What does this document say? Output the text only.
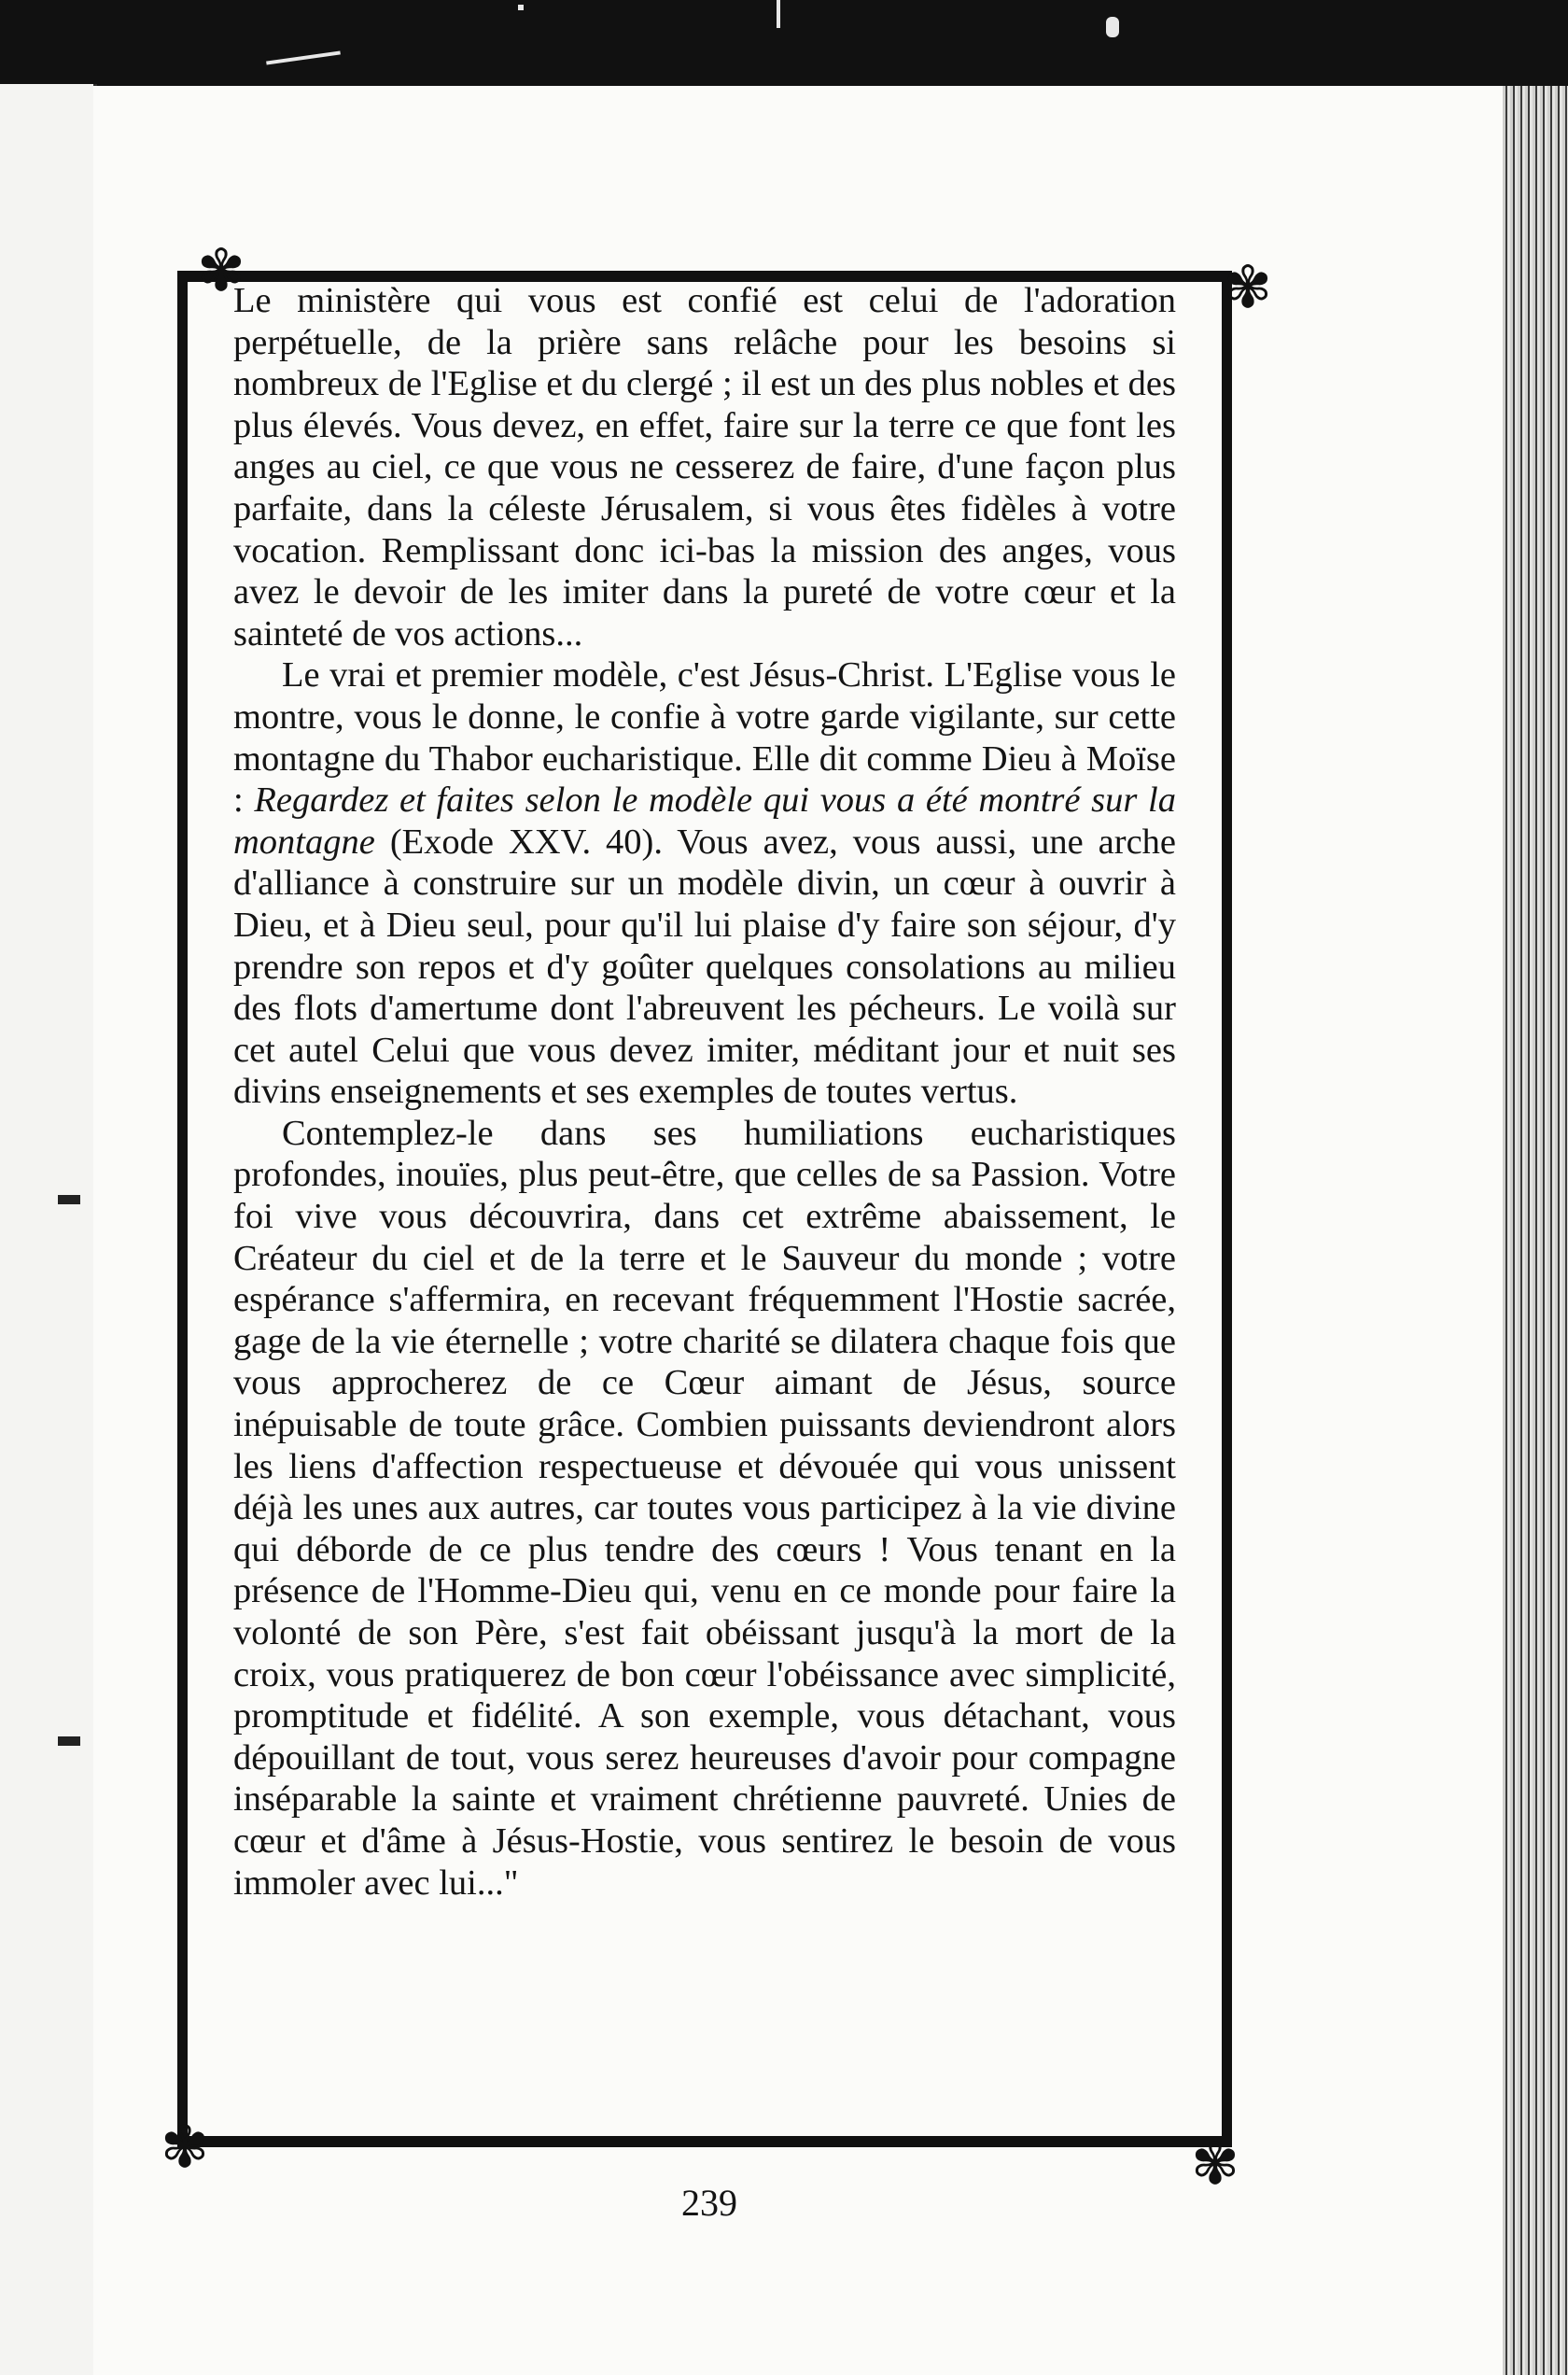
✾	✾
✾	✾

Le ministère qui vous est confié est celui de l'adoration perpétuelle, de la prière sans relâche pour les besoins si nombreux de l'Eglise et du clergé ; il est un des plus nobles et des plus élevés. Vous devez, en effet, faire sur la terre ce que font les anges au ciel, ce que vous ne cesserez de faire, d'une façon plus parfaite, dans la céleste Jérusalem, si vous êtes fidèles à votre vocation. Remplissant donc ici-bas la mission des anges, vous avez le devoir de les imiter dans la pureté de votre cœur et la sainteté de vos actions...

Le vrai et premier modèle, c'est Jésus-Christ. L'Eglise vous le montre, vous le donne, le confie à votre garde vigilante, sur cette montagne du Thabor eucharistique. Elle dit comme Dieu à Moïse : Regardez et faites selon le modèle qui vous a été montré sur la montagne (Exode XXV. 40). Vous avez, vous aussi, une arche d'alliance à construire sur un modèle divin, un cœur à ouvrir à Dieu, et à Dieu seul, pour qu'il lui plaise d'y faire son séjour, d'y prendre son repos et d'y goûter quelques consolations au milieu des flots d'amertume dont l'abreuvent les pécheurs. Le voilà sur cet autel Celui que vous devez imiter, méditant jour et nuit ses divins enseignements et ses exemples de toutes vertus.

Contemplez-le dans ses humiliations eucharistiques profondes, inouïes, plus peut-être, que celles de sa Passion. Votre foi vive vous découvrira, dans cet extrême abaissement, le Créateur du ciel et de la terre et le Sauveur du monde ; votre espérance s'affermira, en recevant fréquemment l'Hostie sacrée, gage de la vie éternelle ; votre charité se dilatera chaque fois que vous approcherez de ce Cœur aimant de Jésus, source inépuisable de toute grâce. Combien puissants deviendront alors les liens d'affection respectueuse et dévouée qui vous unissent déjà les unes aux autres, car toutes vous participez à la vie divine qui déborde de ce plus tendre des cœurs ! Vous tenant en la présence de l'Homme-Dieu qui, venu en ce monde pour faire la volonté de son Père, s'est fait obéissant jusqu'à la mort de la croix, vous pratiquerez de bon cœur l'obéissance avec simplicité, promptitude et fidélité. A son exemple, vous détachant, vous dépouillant de tout, vous serez heureuses d'avoir pour compagne inséparable la sainte et vraiment chrétienne pauvreté. Unies de cœur et d'âme à Jésus-Hostie, vous sentirez le besoin de vous immoler avec lui..."

239
